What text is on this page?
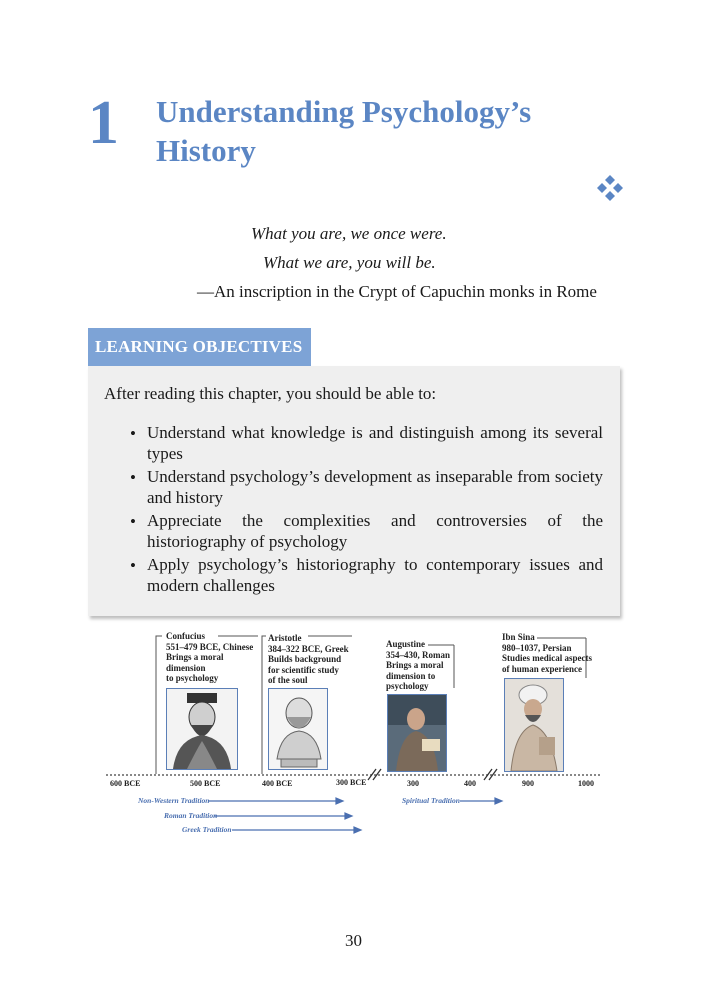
1 Understanding Psychology’s History
What you are, we once were.
What we are, you will be.
—An inscription in the Crypt of Capuchin monks in Rome
LEARNING OBJECTIVES
After reading this chapter, you should be able to:
• Understand what knowledge is and distinguish among its several types
• Understand psychology’s development as inseparable from society and history
• Appreciate the complexities and controversies of the historiography of psychology
• Apply psychology’s historiography to contemporary issues and modern challenges
Confucius
551–479 BCE, Chinese
Brings a moral
dimension
to psychology
Aristotle
384–322 BCE, Greek
Builds background
for scientific study
of the soul
Augustine
354–430, Roman
Brings a moral
dimension to
psychology
Ibn Sina
980–1037, Persian
Studies medical aspects
of human experience
600 BCE	500 BCE	400 BCE	300 BCE	300	400	900	1000
Non-Western Tradition
Roman Tradition
Greek Tradition
Spiritual Tradition
30
